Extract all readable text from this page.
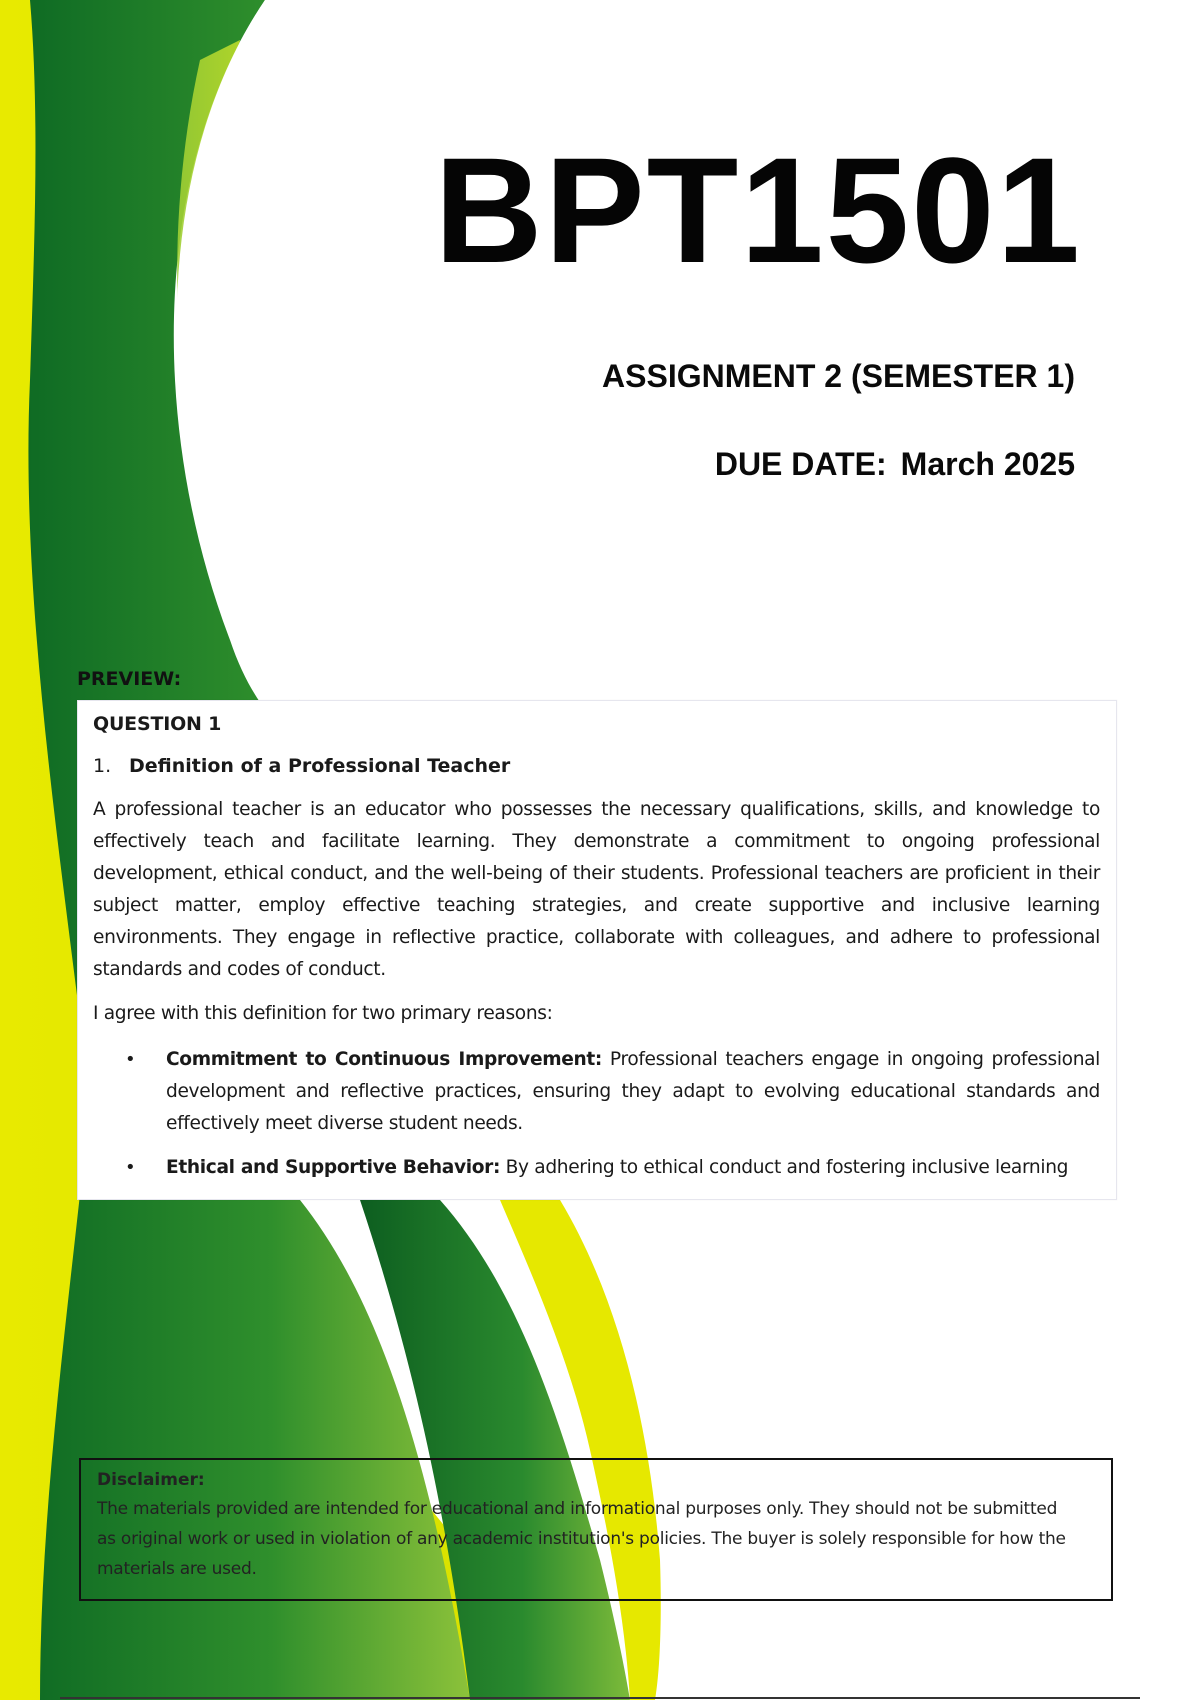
BPT1501
ASSIGNMENT 2 (SEMESTER 1)
DUE DATE: March 2025
PREVIEW:
QUESTION 1
1. Definition of a Professional Teacher

A professional teacher is an educator who possesses the necessary qualifications, skills, and knowledge to effectively teach and facilitate learning. They demonstrate a commitment to ongoing professional development, ethical conduct, and the well-being of their students. Professional teachers are proficient in their subject matter, employ effective teaching strategies, and create supportive and inclusive learning environments. They engage in reflective practice, collaborate with colleagues, and adhere to professional standards and codes of conduct.

I agree with this definition for two primary reasons:

• Commitment to Continuous Improvement: Professional teachers engage in ongoing professional development and reflective practices, ensuring they adapt to evolving educational standards and effectively meet diverse student needs.
• Ethical and Supportive Behavior: By adhering to ethical conduct and fostering inclusive learning
Disclaimer:
The materials provided are intended for educational and informational purposes only. They should not be submitted as original work or used in violation of any academic institution's policies. The buyer is solely responsible for how the materials are used.
